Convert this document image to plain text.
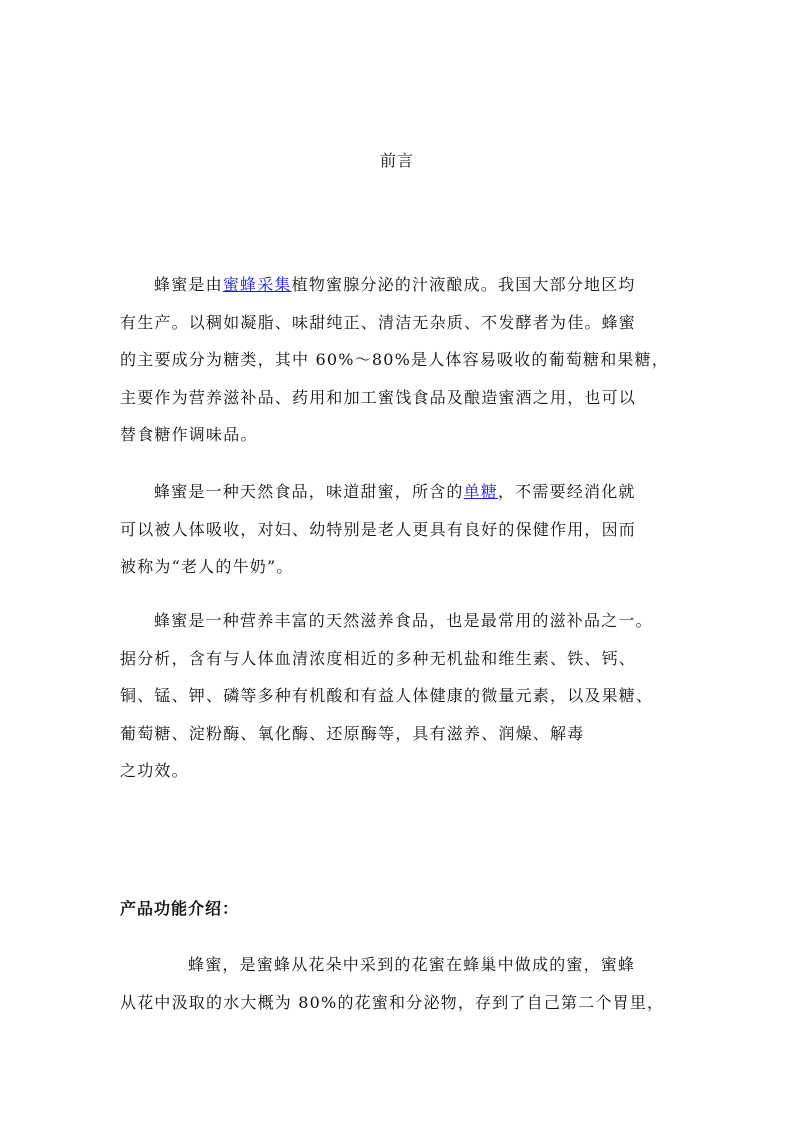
前言

蜂蜜是由蜜蜂采集植物蜜腺分泌的汁液酿成。我国大部分地区均
有生产。以稠如凝脂、味甜纯正、清洁无杂质、不发酵者为佳。蜂蜜
的主要成分为糖类，其中 60%～80%是人体容易吸收的葡萄糖和果糖，
主要作为营养滋补品、药用和加工蜜饯食品及酿造蜜酒之用，也可以
替食糖作调味品。

蜂蜜是一种天然食品，味道甜蜜，所含的单糖，不需要经消化就
可以被人体吸收，对妇、幼特别是老人更具有良好的保健作用，因而
被称为“老人的牛奶”。

蜂蜜是一种营养丰富的天然滋养食品，也是最常用的滋补品之一。
据分析，含有与人体血清浓度相近的多种无机盐和维生素、铁、钙、
铜、锰、钾、磷等多种有机酸和有益人体健康的微量元素，以及果糖、
葡萄糖、淀粉酶、氧化酶、还原酶等，具有滋养、润燥、解毒
之功效。

产品功能介绍：

蜂蜜，是蜜蜂从花朵中采到的花蜜在蜂巢中做成的蜜，蜜蜂
从花中汲取的水大概为 80%的花蜜和分泌物，存到了自己第二个胃里，
